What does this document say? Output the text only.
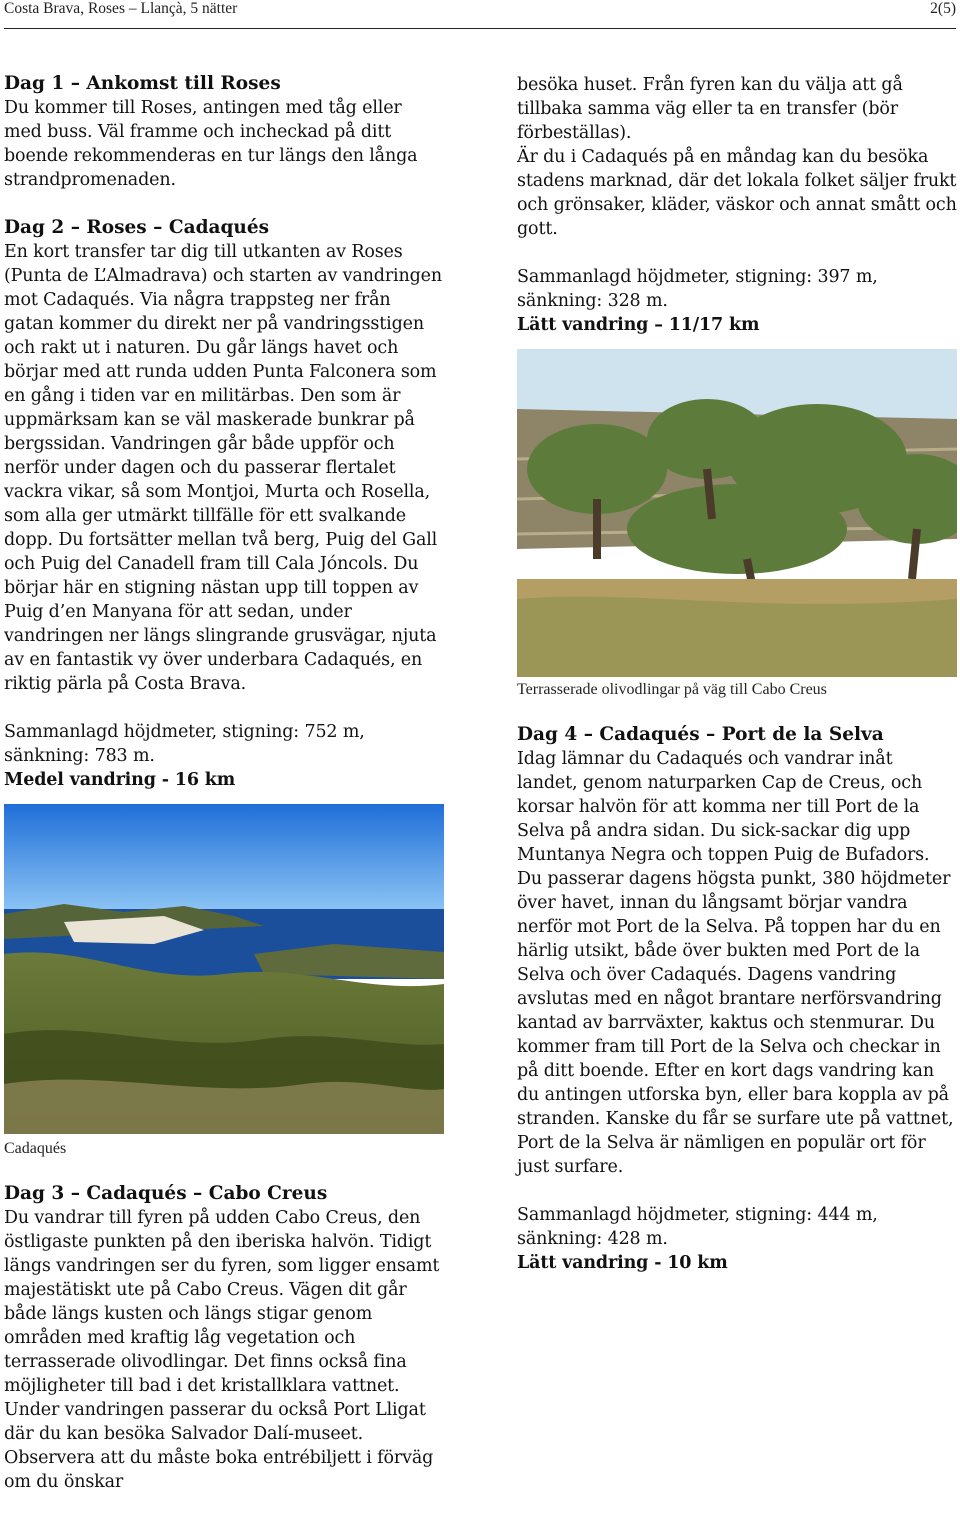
Costa Brava, Roses – Llançà, 5 nätter	2(5)
Dag 1 – Ankomst till Roses

Du kommer till Roses, antingen med tåg eller med buss. Väl framme och incheckad på ditt boende rekommenderas en tur längs den långa strandpromenaden.

Dag 2 – Roses – Cadaqués

En kort transfer tar dig till utkanten av Roses (Punta de L’Almadrava) och starten av vandringen mot Cadaqués. Via några trappsteg ner från gatan kommer du direkt ner på vandringsstigen och rakt ut i naturen. Du går längs havet och börjar med att runda udden Punta Falconera som en gång i tiden var en militärbas. Den som är uppmärksam kan se väl maskerade bunkrar på bergssidan. Vandringen går både uppför och nerför under dagen och du passerar flertalet vackra vikar, så som Montjoi, Murta och Rosella, som alla ger utmärkt tillfälle för ett svalkande dopp. Du fortsätter mellan två berg, Puig del Gall och Puig del Canadell fram till Cala Jóncols. Du börjar här en stigning nästan upp till toppen av Puig d’en Manyana för att sedan, under vandringen ner längs slingrande grusvägar, njuta av en fantastik vy över underbara Cadaqués, en riktig pärla på Costa Brava.

Sammanlagd höjdmeter, stigning: 752 m, sänkning: 783 m.

Medel vandring - 16 km

Cadaqués
Dag 3 – Cadaqués – Cabo Creus

Du vandrar till fyren på udden Cabo Creus, den östligaste punkten på den iberiska halvön. Tidigt längs vandringen ser du fyren, som ligger ensamt majestätiskt ute på Cabo Creus. Vägen dit går både längs kusten och längs stigar genom områden med kraftig låg vegetation och terrasserade olivodlingar. Det finns också fina möjligheter till bad i det kristallklara vattnet. Under vandringen passerar du också Port Lligat där du kan besöka Salvador Dalí-museet. Observera att du måste boka entrébiljett i förväg om du önskar

besöka huset. Från fyren kan du välja att gå tillbaka samma väg eller ta en transfer (bör förbeställas).

Är du i Cadaqués på en måndag kan du besöka stadens marknad, där det lokala folket säljer frukt och grönsaker, kläder, väskor och annat smått och gott.

Sammanlagd höjdmeter, stigning: 397 m, sänkning: 328 m.

Lätt vandring – 11/17 km

Terrasserade olivodlingar på väg till Cabo Creus
Dag 4 – Cadaqués – Port de la Selva

Idag lämnar du Cadaqués och vandrar inåt landet, genom naturparken Cap de Creus, och korsar halvön för att komma ner till Port de la Selva på andra sidan. Du sick-sackar dig upp Muntanya Negra och toppen Puig de Bufadors. Du passerar dagens högsta punkt, 380 höjdmeter över havet, innan du långsamt börjar vandra nerför mot Port de la Selva. På toppen har du en härlig utsikt, både över bukten med Port de la Selva och över Cadaqués. Dagens vandring avslutas med en något brantare nerförsvandring kantad av barrväxter, kaktus och stenmurar. Du kommer fram till Port de la Selva och checkar in på ditt boende. Efter en kort dags vandring kan du antingen utforska byn, eller bara koppla av på stranden. Kanske du får se surfare ute på vattnet, Port de la Selva är nämligen en populär ort för just surfare.

Sammanlagd höjdmeter, stigning: 444 m, sänkning: 428 m.

Lätt vandring - 10 km
